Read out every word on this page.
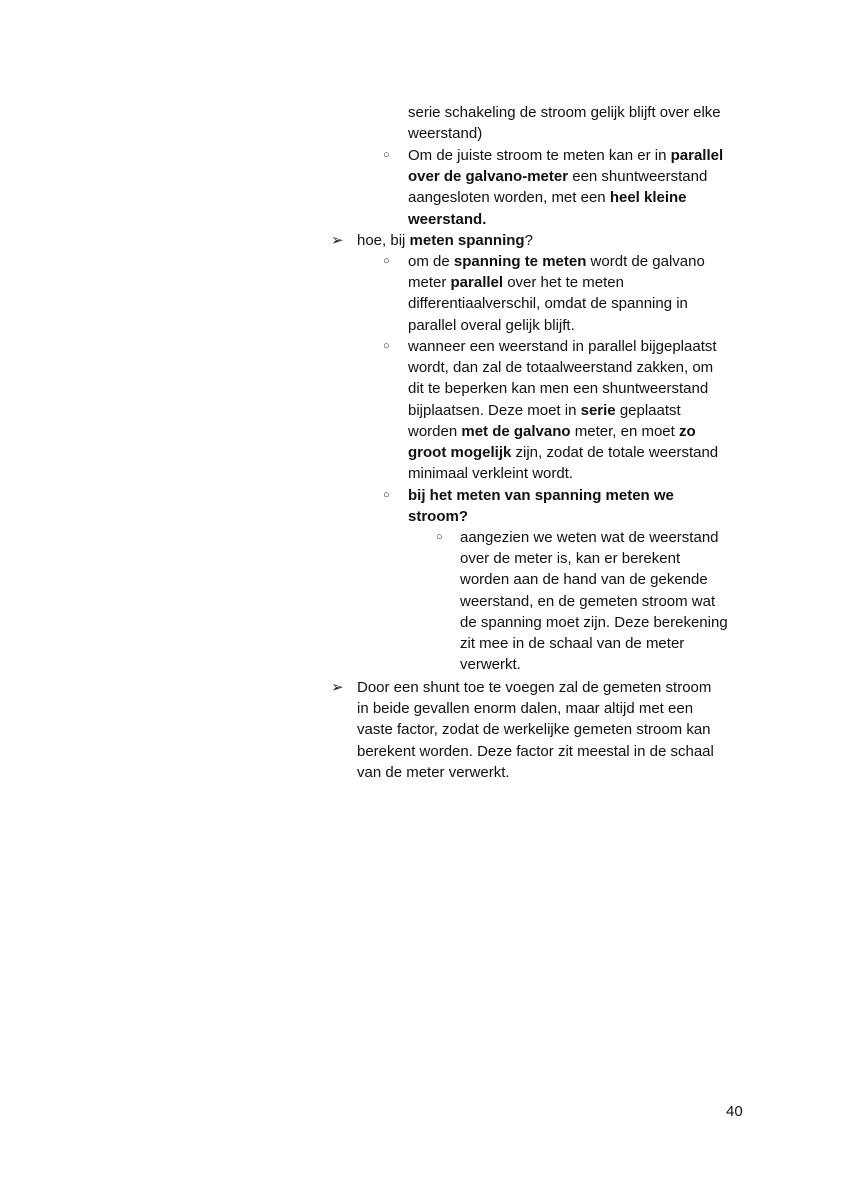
serie schakeling de stroom gelijk blijft over elke
weerstand)
○ Om de juiste stroom te meten kan er in parallel
over de galvano-meter een shuntweerstand
aangesloten worden, met een heel kleine
weerstand.
➢ hoe, bij meten spanning?
○ om de spanning te meten wordt de galvano
meter parallel over het te meten
differentiaalverschil, omdat de spanning in
parallel overal gelijk blijft.
○ wanneer een weerstand in parallel bijgeplaatst
wordt, dan zal de totaalweerstand zakken, om
dit te beperken kan men een shuntweerstand
bijplaatsen. Deze moet in serie geplaatst
worden met de galvano meter, en moet zo
groot mogelijk zijn, zodat de totale weerstand
minimaal verkleint wordt.
○ bij het meten van spanning meten we
stroom?
○ aangezien we weten wat de weerstand
over de meter is, kan er berekent
worden aan de hand van de gekende
weerstand, en de gemeten stroom wat
de spanning moet zijn. Deze berekening
zit mee in de schaal van de meter
verwerkt.
➢ Door een shunt toe te voegen zal de gemeten stroom
in beide gevallen enorm dalen, maar altijd met een
vaste factor, zodat de werkelijke gemeten stroom kan
berekent worden. Deze factor zit meestal in de schaal
van de meter verwerkt.
40
